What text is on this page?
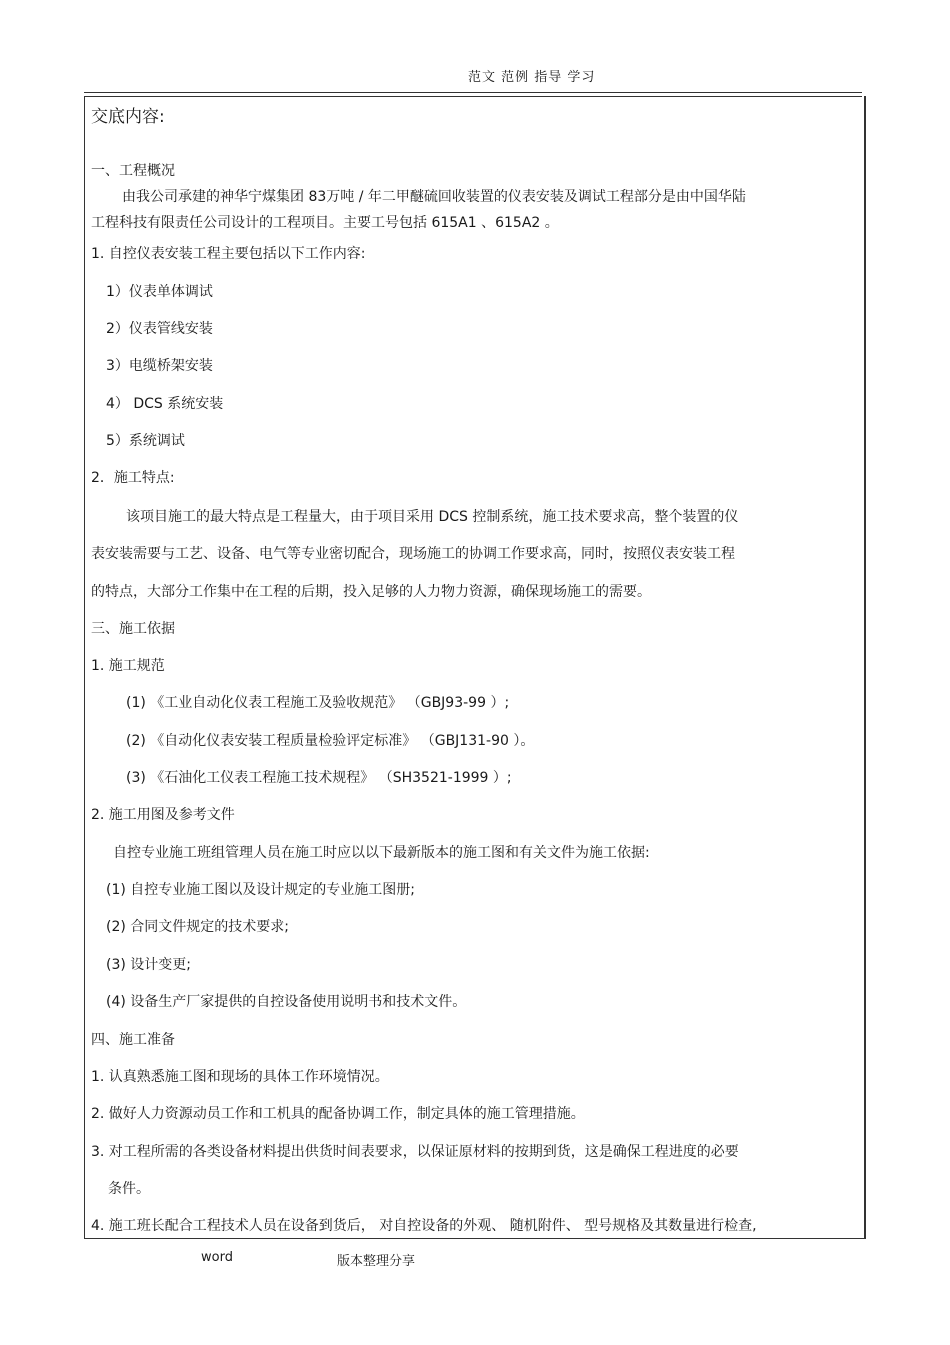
范文 范例 指导 学习
交底内容:
一、工程概况
由我公司承建的神华宁煤集团 83万吨 / 年二甲醚硫回收装置的仪表安装及调试工程部分是由中国华陆
工程科技有限责任公司设计的工程项目。主要工号包括 615A1 、615A2 。
1. 自控仪表安装工程主要包括以下工作内容:
1）仪表单体调试
2）仪表管线安装
3）电缆桥架安装
4） DCS 系统安装
5）系统调试
2．施工特点:
该项目施工的最大特点是工程量大，由于项目采用 DCS 控制系统，施工技术要求高，整个装置的仪
表安装需要与工艺、设备、电气等专业密切配合，现场施工的协调工作要求高，同时，按照仪表安装工程
的特点，大部分工作集中在工程的后期，投入足够的人力物力资源，确保现场施工的需要。
三、施工依据
1. 施工规范
(1) 《工业自动化仪表工程施工及验收规范》 （GBJ93-99 ）;
(2) 《自动化仪表安装工程质量检验评定标准》 （GBJ131-90 ）。
(3) 《石油化工仪表工程施工技术规程》 （SH3521-1999 ）;
2. 施工用图及参考文件
自控专业施工班组管理人员在施工时应以以下最新版本的施工图和有关文件为施工依据:
(1) 自控专业施工图以及设计规定的专业施工图册;
(2) 合同文件规定的技术要求;
(3) 设计变更;
(4) 设备生产厂家提供的自控设备使用说明书和技术文件。
四、施工准备
1. 认真熟悉施工图和现场的具体工作环境情况。
2. 做好人力资源动员工作和工机具的配备协调工作，制定具体的施工管理措施。
3. 对工程所需的各类设备材料提出供货时间表要求，以保证原材料的按期到货，这是确保工程进度的必要
条件。
4. 施工班长配合工程技术人员在设备到货后， 对自控设备的外观、 随机附件、 型号规格及其数量进行检查,
word	版本整理分享
